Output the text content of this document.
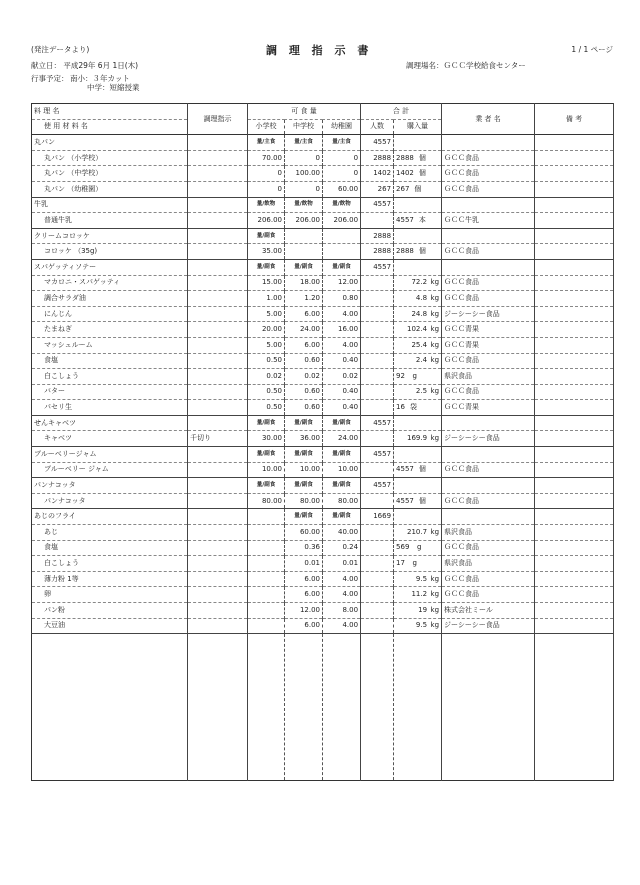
(発注データより)	調 理 指 示 書	1 / 1 ページ
献立日： 平成29年 6月 1日(木)
行事予定： 南小：３年カット
中学：短縮授業
調理場名：ＧＣＣ学校給食センター
料 理 名	調理指示	可 食 量			合 計		業 者 名	備 考
使 用 材 料 名		小学校	中学校	幼稚園	人数	購入量		
丸パン		量/主食	量/主食	量/主食	4557	

丸パン （小学校）		70.00	0	0	2888	2888 個	ＧＣＣ食品	
丸パン （中学校）		0	100.00	0	1402	1402 個	ＧＣＣ食品	
丸パン （幼稚園）		0	0	60.00	267	267 個	ＧＣＣ食品	
牛乳		量/飲物	量/飲物	量/飲物	4557	

普通牛乳		206.00	206.00	206.00		4557 本	ＧＣＣ牛乳	
クリームコロッケ		量/副食			2888	

コロッケ （35g)		35.00			2888	2888 個	ＧＣＣ食品	
スパゲッティソテー		量/副食	量/副食	量/副食	4557	

マカロニ・スパゲッティ		15.00	18.00	12.00		72.2 kg	ＧＣＣ食品	
調合サラダ油		1.00	1.20	0.80		4.8 kg	ＧＣＣ食品	
にんじん		5.00	6.00	4.00		24.8 kg	ジーシーシー食品	
たまねぎ		20.00	24.00	16.00		102.4 kg	ＧＣＣ青果	
マッシュルーム		5.00	6.00	4.00		25.4 kg	ＧＣＣ青果	
食塩		0.50	0.60	0.40		2.4 kg	ＧＣＣ食品	
白こしょう		0.02	0.02	0.02		92 g	県沢食品	
バター		0.50	0.60	0.40		2.5 kg	ＧＣＣ食品	
パセリ生		0.50	0.60	0.40		16 袋	ＧＣＣ青果	
せんキャベツ		量/副食	量/副食	量/副食	4557	

キャベツ	千切り	30.00	36.00	24.00		169.9 kg	ジーシーシー食品	
ブルーベリージャム		量/副食	量/副食	量/副食	4557	

ブルーベリー ジャム		10.00	10.00	10.00		4557 個	ＧＣＣ食品	
パンナコッタ		量/副食	量/副食	量/副食	4557	

パンナコッタ		80.00	80.00	80.00		4557 個	ＧＣＣ食品	
あじのフライ			量/副食	量/副食	1669	

あじ			60.00	40.00		210.7 kg	県沢食品	
食塩			0.36	0.24		569 g	ＧＣＣ食品	
白こしょう			0.01	0.01		17 g	県沢食品	
薄力粉 1等			6.00	4.00		9.5 kg	ＧＣＣ食品	
卵			6.00	4.00		11.2 kg	ＧＣＣ食品	
パン粉			12.00	8.00		19 kg	株式会社ミール	
大豆油			6.00	4.00		9.5 kg	ジーシーシー食品	
